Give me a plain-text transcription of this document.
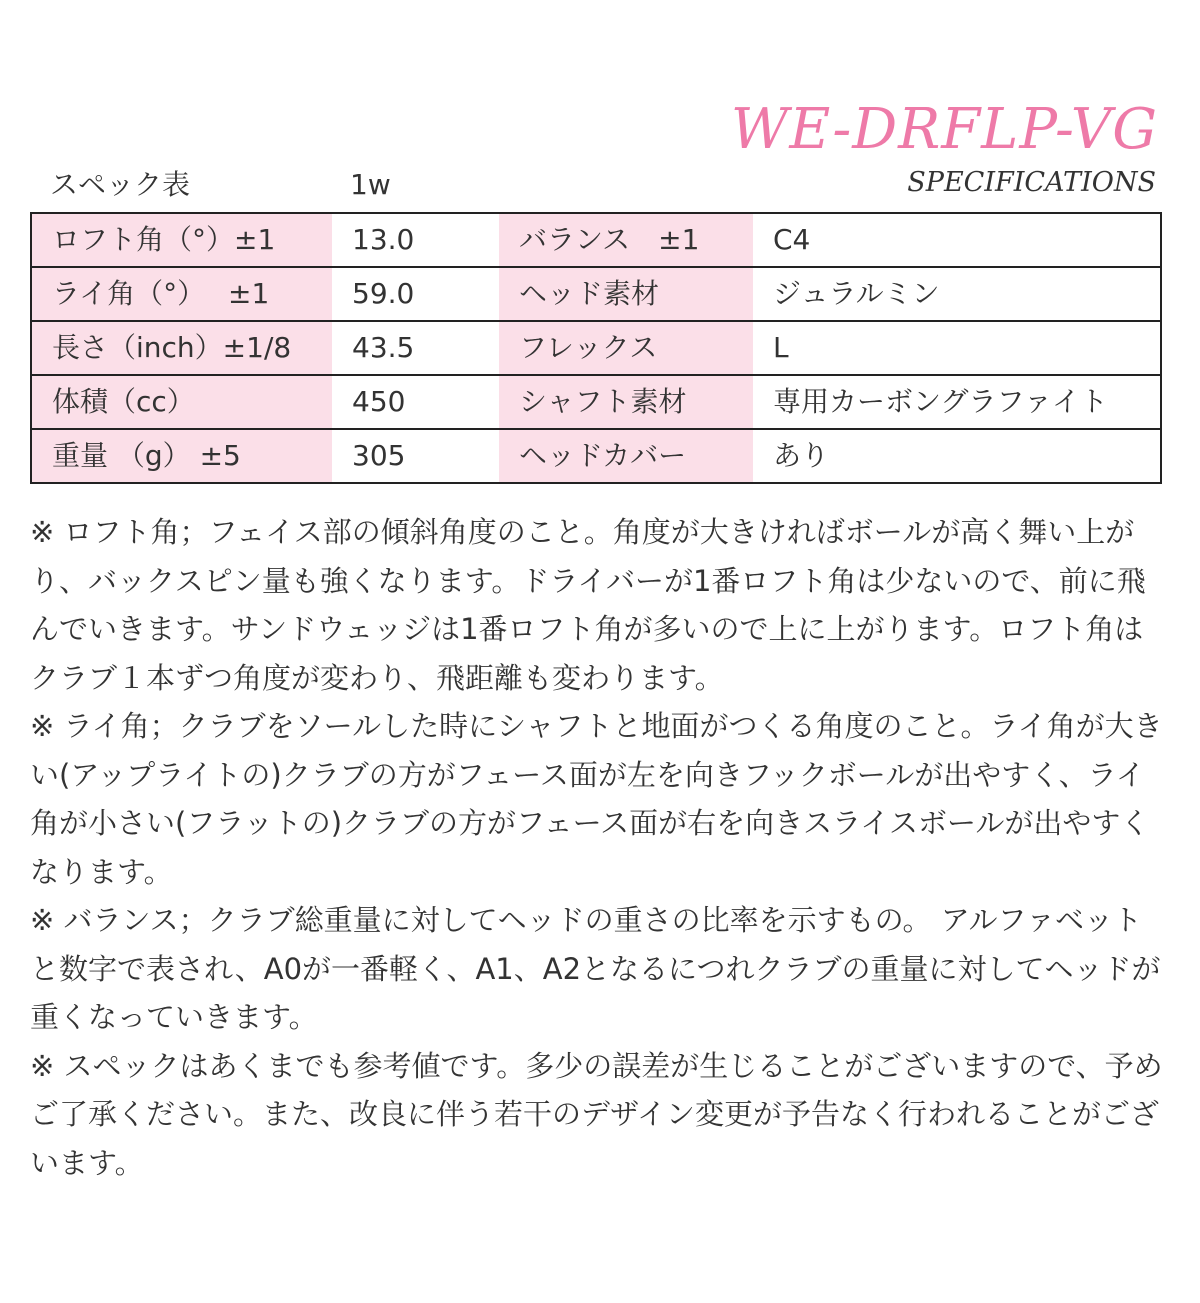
WE-DRFLP-VG
SPECIFICATIONS
スペック表	1w
ロフト角（°）±1	13.0	バランス　±1	C4
ライ角（°）　 ±1	59.0	ヘッド素材	ジュラルミン
長さ（inch）±1/8	43.5	フレックス	L
体積（cc）	450	シャフト素材	専用カーボングラファイト
重量 （g） ±5	305	ヘッドカバー	あり

※ ロフト角；フェイス部の傾斜角度のこと。角度が大きければボールが高く舞い上がり、バックスピン量も強くなります。ドライバーが1番ロフト角は少ないので、前に飛んでいきます。サンドウェッジは1番ロフト角が多いので上に上がります。ロフト角はクラブ１本ずつ角度が変わり、飛距離も変わります。

※ ライ角；クラブをソールした時にシャフトと地面がつくる角度のこと。ライ角が大きい(アップライトの)クラブの方がフェース面が左を向きフックボールが出やすく、ライ角が小さい(フラットの)クラブの方がフェース面が右を向きスライスボールが出やすくなります。

※ バランス；クラブ総重量に対してヘッドの重さの比率を示すもの。 アルファベットと数字で表され、A0が一番軽く、A1、A2となるにつれクラブの重量に対してヘッドが重くなっていきます。

※ スペックはあくまでも参考値です。多少の誤差が生じることがございますので、予めご了承ください。また、改良に伴う若干のデザイン変更が予告なく行われることがございます。
